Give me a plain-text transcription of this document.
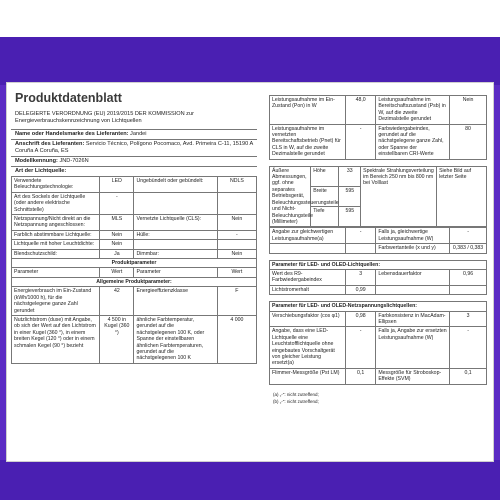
Produktdatenblatt
DELEGIERTE VERORDNUNG (EU) 2019/2015 DER KOMMISSION zur Energieverbrauchskennzeichnung von Lichtquellen
Name oder Handelsmarke des Lieferanten: Jandei
Anschrift des Lieferanten: Servicio Técnico, Polígono Pocomaco, Avd. Primeira C-11, 15190 A Coruña A Coruña, ES
Modellkennung: JND-7026N
Art der Lichtquelle:
Verwendete Beleuchtungstechnologie:	LED	Ungebündelt oder gebündelt:	NDLS
Art des Sockels der Lichtquelle (oder andere elektrische Schnittstelle)	-		
Netzspannung/Nicht direkt an die Netzspannung angeschlossen:	MLS	Vernetzte Lichtquelle (CLS):	Nein
Farblich abstimmbare Lichtquelle:	Nein	Hülle:	-
Lichtquelle mit hoher Leuchtdichte:	Nein		
Blendschutzschild:	Ja	Dimmbar:	Nein
Produktparameter			
Parameter	Wert	Parameter	Wert
Allgemeine Produktparameter:			
Energieverbrauch im Ein-Zustand (kWh/1000 h), für die nächstgelegene ganze Zahl gerundet	42	Energieeffizienzklasse	F
Nutzlichtstrom (duse) mit Angabe, ob sich der Wert auf den Lichtstrom in einer Kugel (360 °), in einem breiten Kegel (120 °) oder in einem schmalen Kegel (90 °) bezieht	4 500 in Kugel (360 °)	ähnliche Farbtemperatur, gerundet auf die nächstgelegenen 100 K, oder Spanne der einstellbaren ähnlichen Farbtemperaturen, gerundet auf die nächstgelegenen 100 K	4 000
Leistungsaufnahme im Ein-Zustand (Pon) in W	48,0	Leistungsaufnahme im Bereitschaftszustand (Psb) in W, auf die zweite Dezimalstelle gerundet	Nein
Leistungsaufnahme im vernetzten Bereitschaftsbetrieb (Pnet) für CLS in W, auf die zweite Dezimalstelle gerundet	-	Farbwiedergabeindex, gerundet auf die nächstgelegene ganze Zahl, oder Spanne der einstellbaren CRI-Werte	80
Äußere Abmessungen, ggf. ohne separates Betriebsgerät, Beleuchtungssteuerungsteile und Nicht-Beleuchtungsteile (Millimeter)	Höhe	33	Spektrale Strahlungsverteilung im Bereich 250 nm bis 800 nm bei Volllast	Siehe Bild auf letzter Seite
	Breite	595		
	Tiefe	595		
Angabe zur gleichwertigen Leistungsaufnahme(a)	-	Falls ja, gleichwertige Leistungsaufnahme (W)	-
		Farbwertanteile (x und y)	0,383 / 0,383
Parameter für LED- und OLED-Lichtquellen:			
Wert des R9-Farbwiedergabeindex	3	Lebensdauerfaktor	0,96
Lichtstromerhalt	0,99		
Parameter für LED- und OLED-Netzspannungslichtquellen:			
Verschiebungsfaktor (cos φ1)	0,98	Farbkonsistenz in MacAdam-Ellipsen	3
Angabe, dass eine LED-Lichtquelle eine Leuchtstofflichtquelle ohne eingebautes Vorschaltgerät von gleicher Leistung ersetzt(a)	-	Falls ja, Angabe zur ersetzten Leistungsaufnahme (W)	-
Flimmer-Messgröße (Pst LM)	0,1	Messgröße für Stroboskop-Effekte (SVM)	0,1
(a) „-": nicht zutreffend;
(b) „-": nicht zutreffend;
